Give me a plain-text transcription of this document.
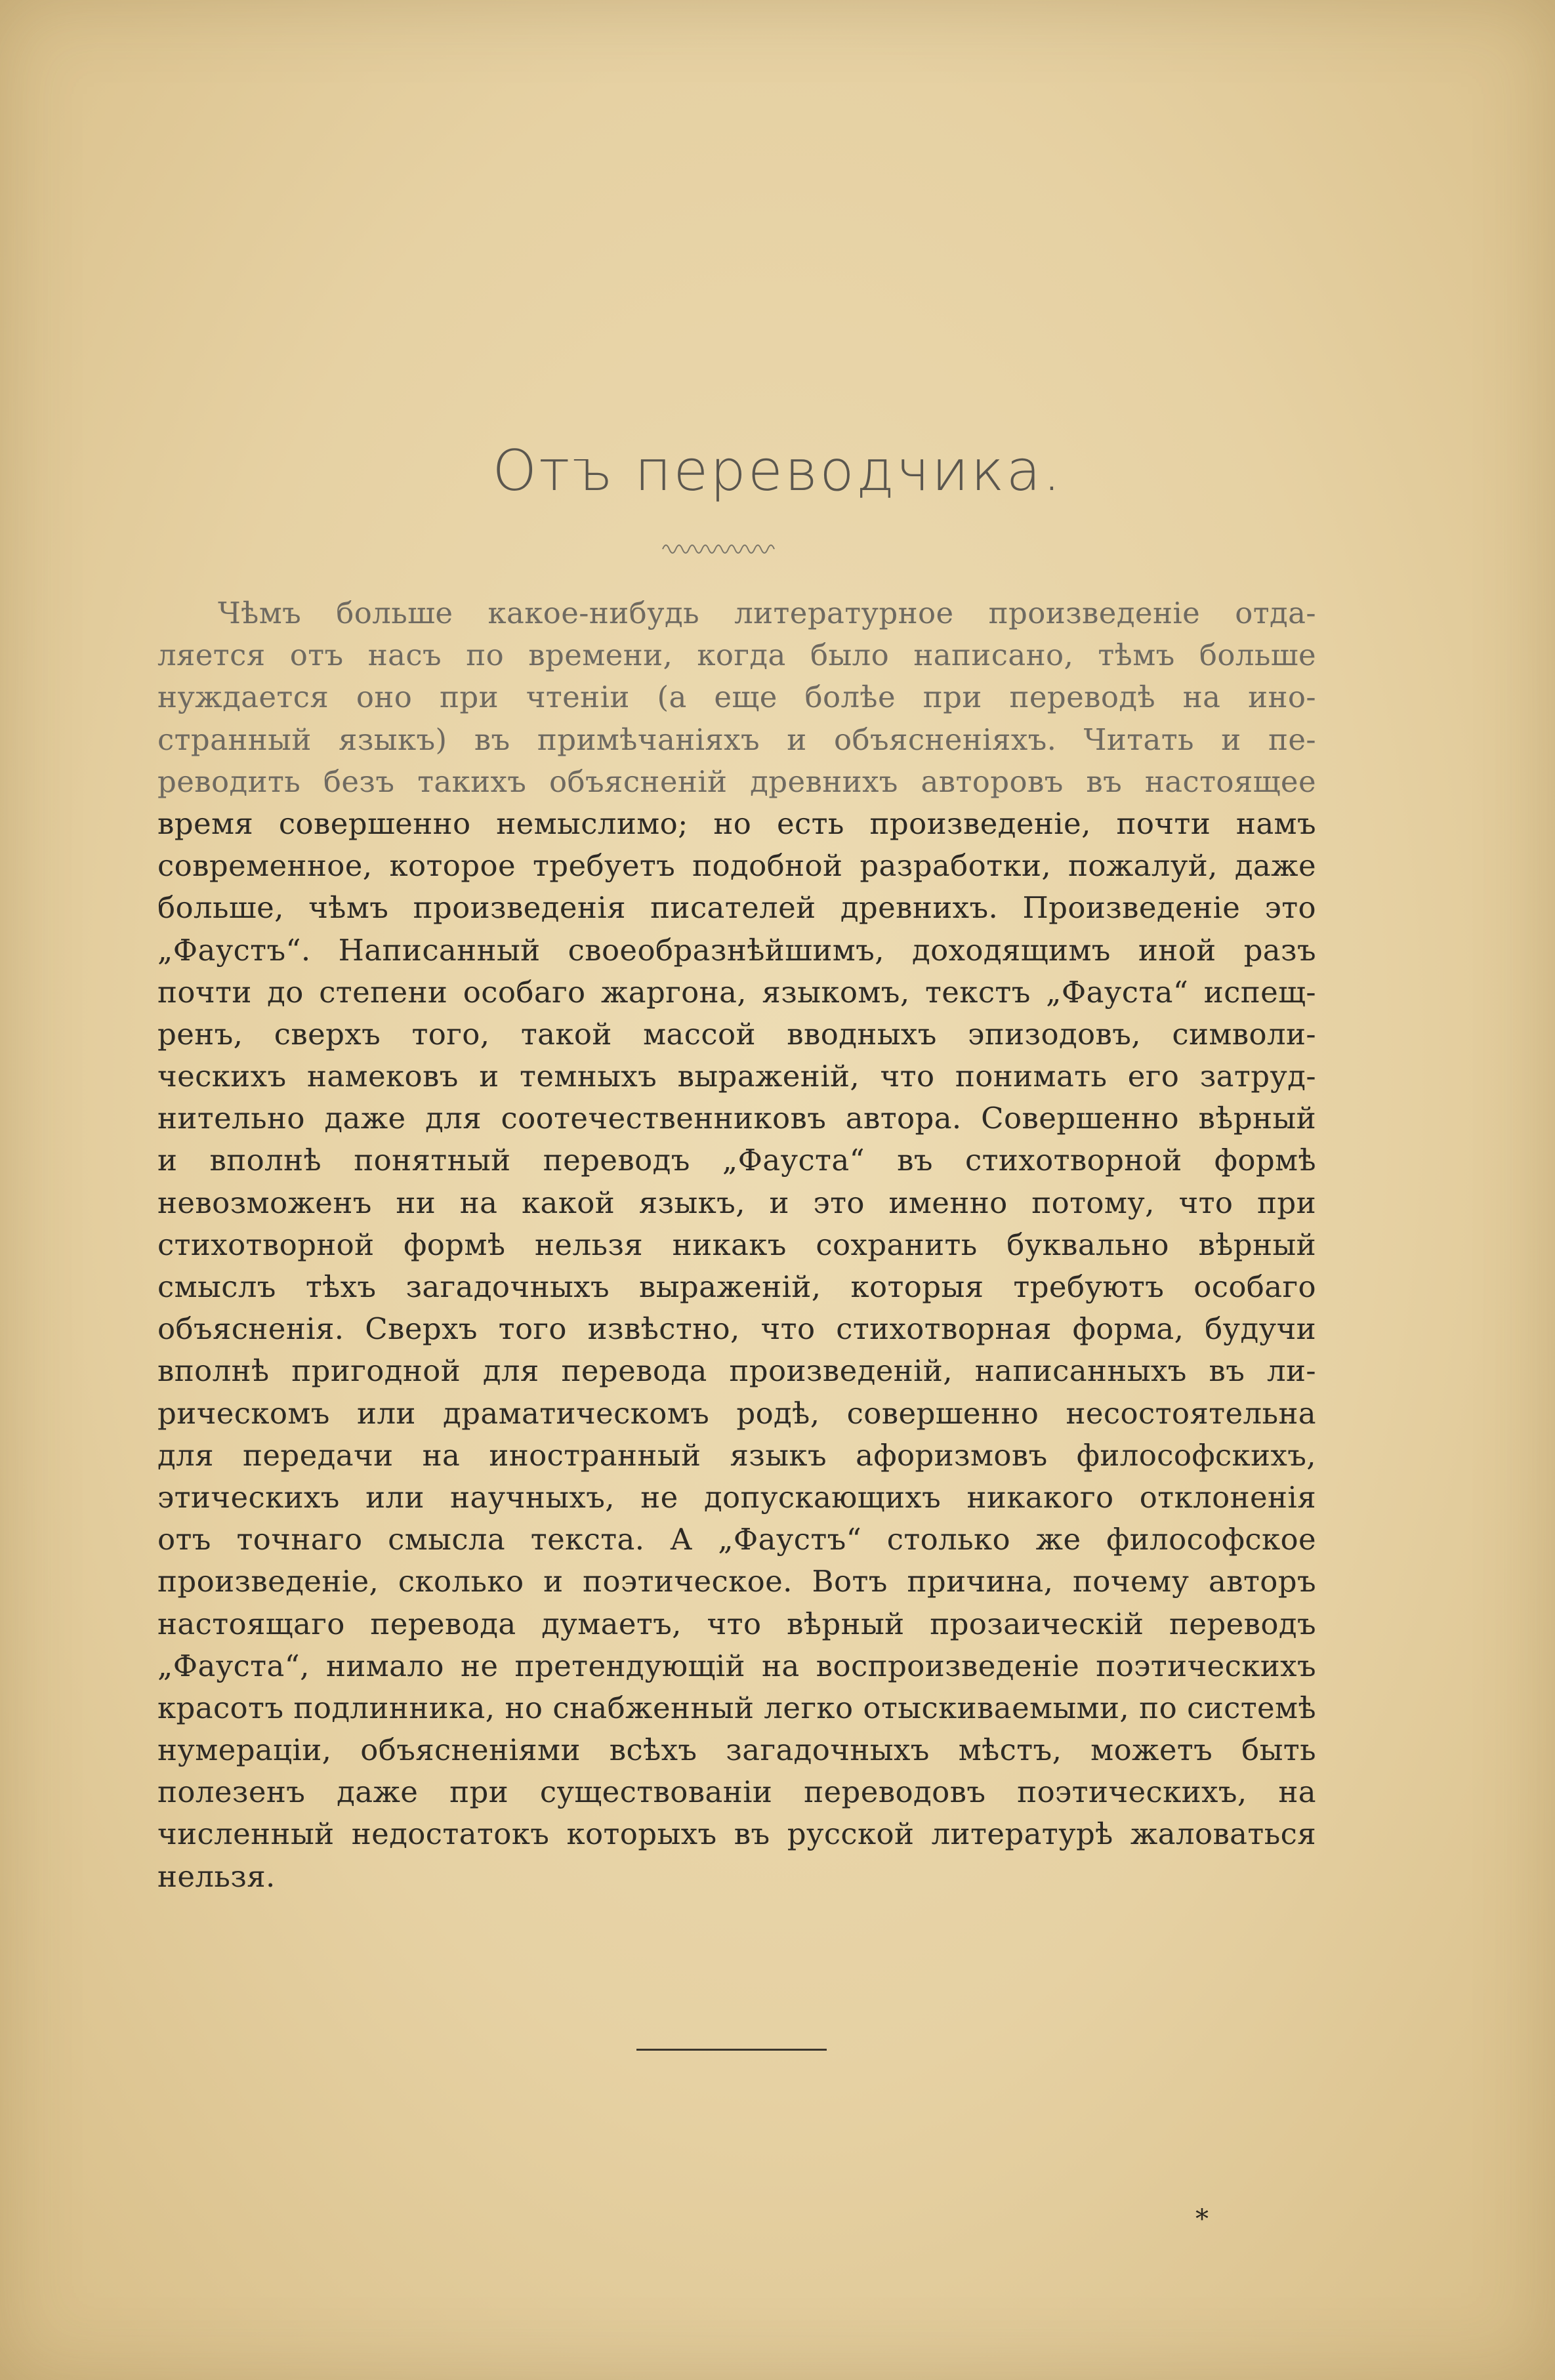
Отъ переводчика.
Чѣмъ больше какое-нибудь литературное произведеніе отда-
ляется отъ насъ по времени, когда было написано, тѣмъ больше
нуждается оно при чтеніи (а еще болѣе при переводѣ на ино-
странный языкъ) въ примѣчаніяхъ и объясненіяхъ. Читать и пе-
реводить безъ такихъ объясненій древнихъ авторовъ въ настоящее
время совершенно немыслимо; но есть произведеніе, почти намъ
современное, которое требуетъ подобной разработки, пожалуй, даже
больше, чѣмъ произведенія писателей древнихъ. Произведеніе это
„Фаустъ“. Написанный своеобразнѣйшимъ, доходящимъ иной разъ
почти до степени особаго жаргона, языкомъ, текстъ „Фауста“ испещ-
ренъ, сверхъ того, такой массой вводныхъ эпизодовъ, символи-
ческихъ намековъ и темныхъ выраженій, что понимать его затруд-
нительно даже для соотечественниковъ автора. Совершенно вѣрный
и вполнѣ понятный переводъ „Фауста“ въ стихотворной формѣ
невозможенъ ни на какой языкъ, и это именно потому, что при
стихотворной формѣ нельзя никакъ сохранить буквально вѣрный
смыслъ тѣхъ загадочныхъ выраженій, которыя требуютъ особаго
объясненія. Сверхъ того извѣстно, что стихотворная форма, будучи
вполнѣ пригодной для перевода произведеній, написанныхъ въ ли-
рическомъ или драматическомъ родѣ, совершенно несостоятельна
для передачи на иностранный языкъ афоризмовъ философскихъ,
этическихъ или научныхъ, не допускающихъ никакого отклоненія
отъ точнаго смысла текста. А „Фаустъ“ столько же философское
произведеніе, сколько и поэтическое. Вотъ причина, почему авторъ
настоящаго перевода думаетъ, что вѣрный прозаическій переводъ
„Фауста“, нимало не претендующій на воспроизведеніе поэтическихъ
красотъ подлинника, но снабженный легко отыскиваемыми, по системѣ
нумераціи, объясненіями всѣхъ загадочныхъ мѣстъ, можетъ быть
полезенъ даже при существованіи переводовъ поэтическихъ, на
численный недостатокъ которыхъ въ русской литературѣ жаловаться
нельзя.
*
